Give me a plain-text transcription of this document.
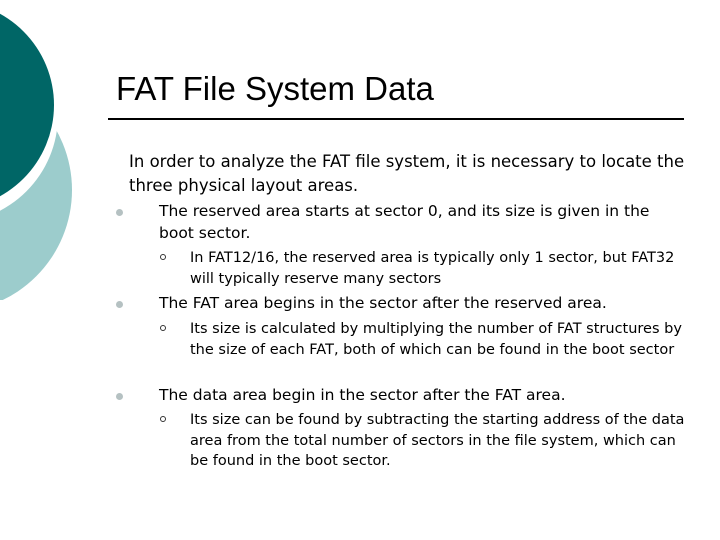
FAT File System Data

In order to analyze the FAT file system, it is necessary to locate the three physical layout areas.

The reserved area starts at sector 0, and its size is given in the boot sector.
In FAT12/16, the reserved area is typically only 1 sector, but FAT32 will typically reserve many sectors
The FAT area begins in the sector after the reserved area.
Its size is calculated by multiplying the number of FAT structures by the size of each FAT, both of which can be found in the boot sector
The data area begin in the sector after the FAT area.
Its size can be found by subtracting the starting address of the data area from the total number of sectors in the file system, which can be found in the boot sector.
